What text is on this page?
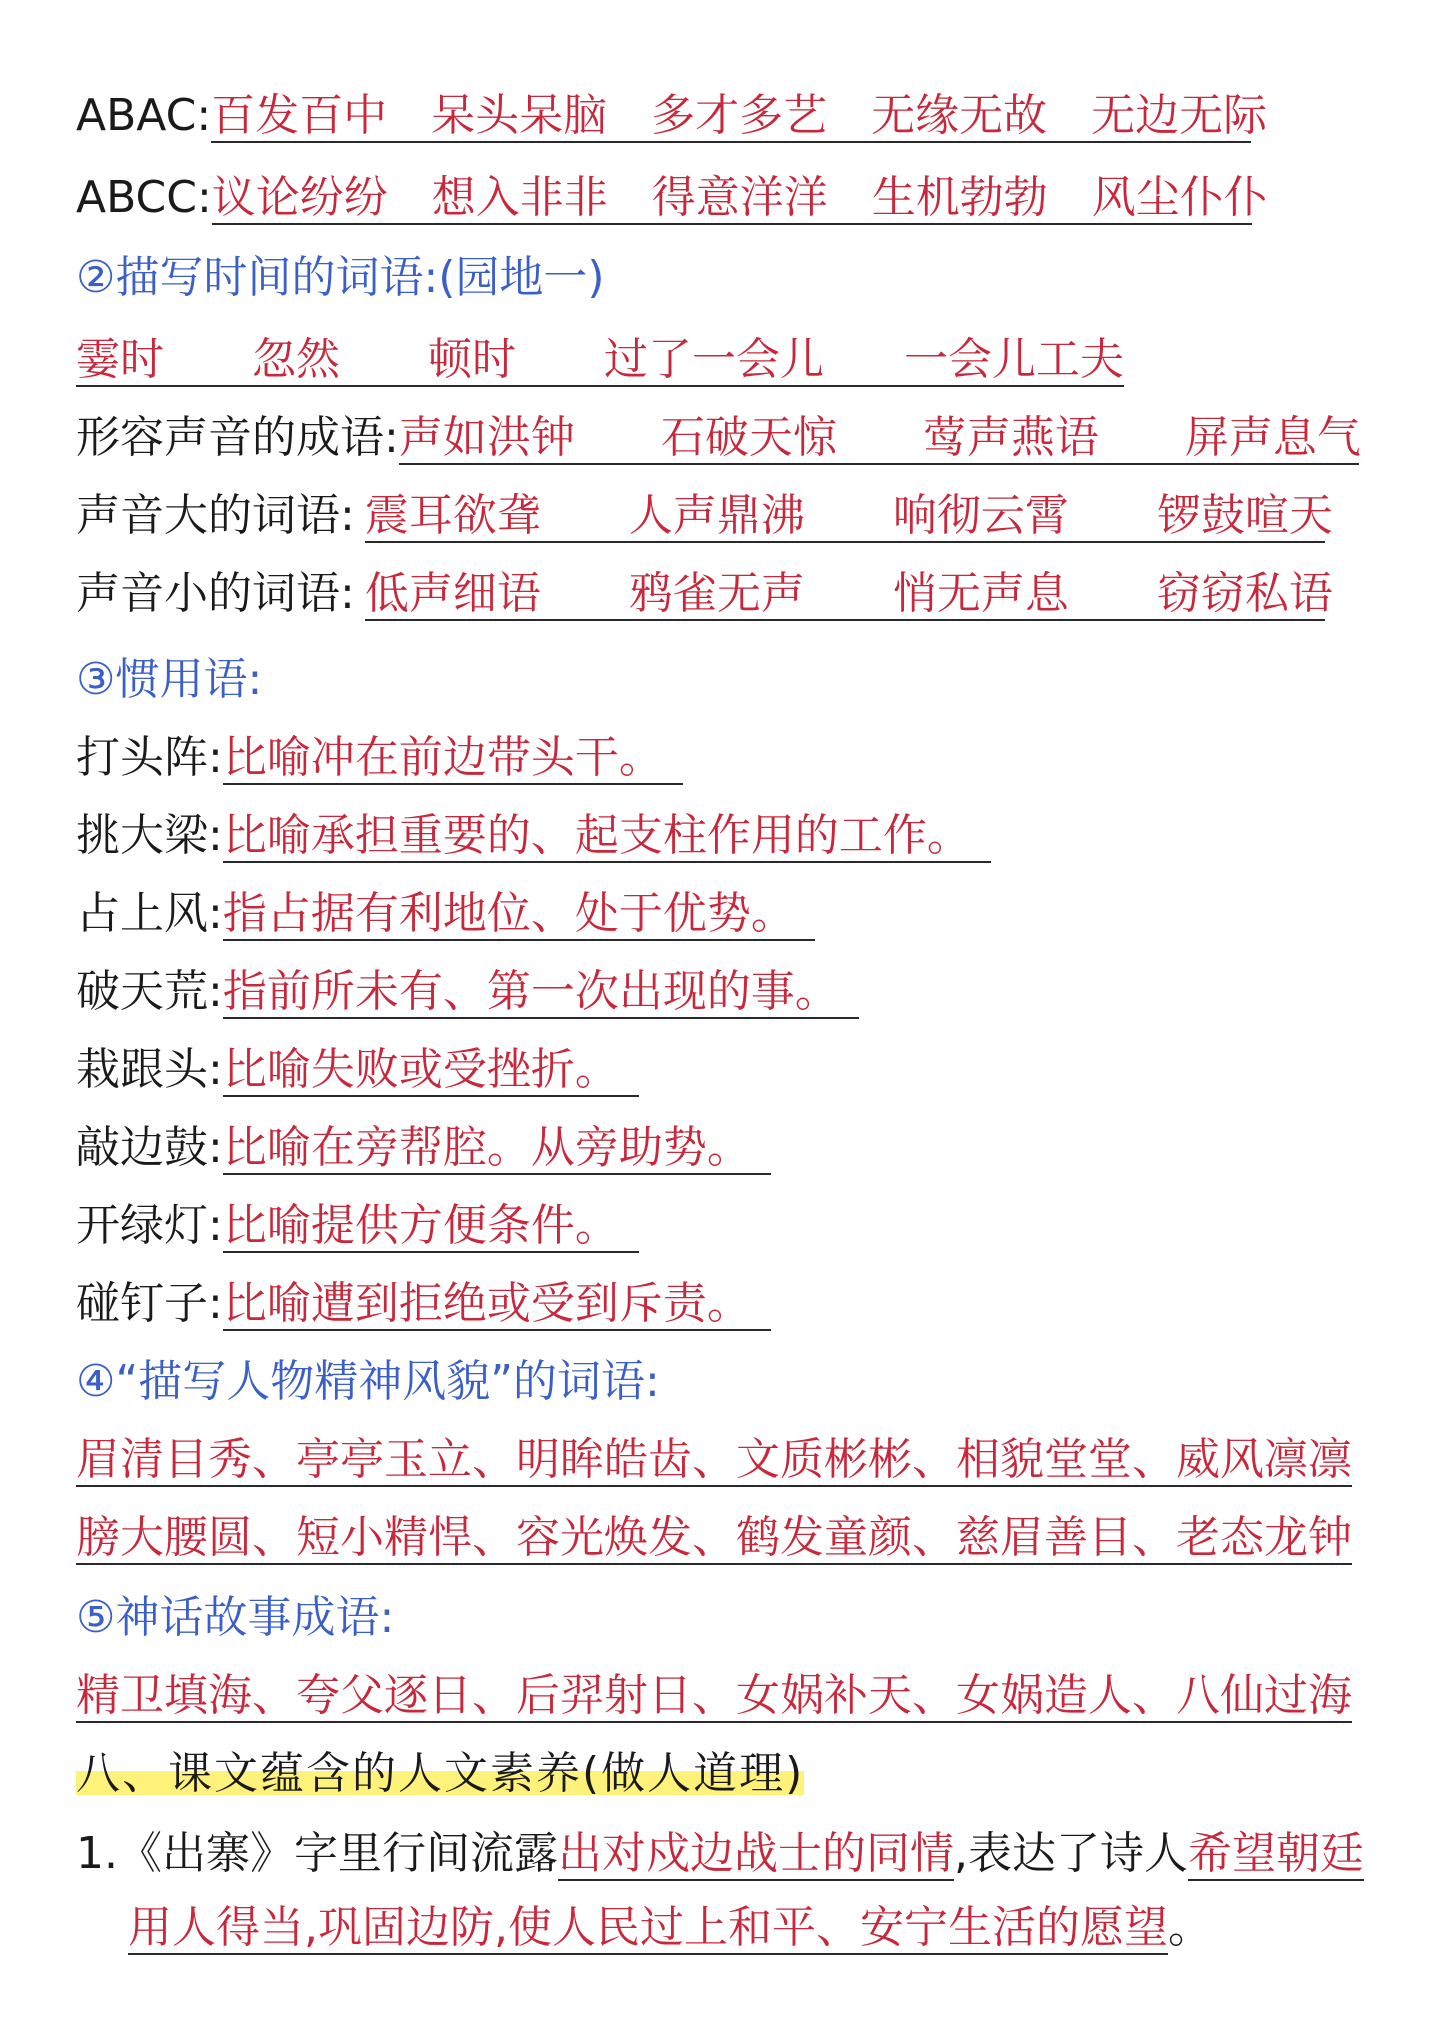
ABAC:百发百中 呆头呆脑 多才多艺 无缘无故 无边无际
ABCC:议论纷纷 想入非非 得意洋洋 生机勃勃 风尘仆仆
②描写时间的词语:(园地一)
霎时 忽然 顿时 过了一会儿 一会儿工夫
形容声音的成语:声如洪钟 石破天惊 莺声燕语 屏声息气
声音大的词语: 震耳欲聋 人声鼎沸 响彻云霄 锣鼓喧天
声音小的词语: 低声细语 鸦雀无声 悄无声息 窃窃私语
③惯用语:
打头阵:比喻冲在前边带头干。
挑大梁:比喻承担重要的、起支柱作用的工作。
占上风:指占据有利地位、处于优势。
破天荒:指前所未有、第一次出现的事。
栽跟头:比喻失败或受挫折。
敲边鼓:比喻在旁帮腔。从旁助势。
开绿灯:比喻提供方便条件。
碰钉子:比喻遭到拒绝或受到斥责。
④“描写人物精神风貌”的词语:
眉清目秀、亭亭玉立、明眸皓齿、文质彬彬、相貌堂堂、威风凛凛
膀大腰圆、短小精悍、容光焕发、鹤发童颜、慈眉善目、老态龙钟
⑤神话故事成语:
精卫填海、夸父逐日、后羿射日、女娲补天、女娲造人、八仙过海
八、课文蕴含的人文素养(做人道理)
1.《出寨》字里行间流露出对戍边战士的同情,表达了诗人希望朝廷
用人得当,巩固边防,使人民过上和平、安宁生活的愿望。
